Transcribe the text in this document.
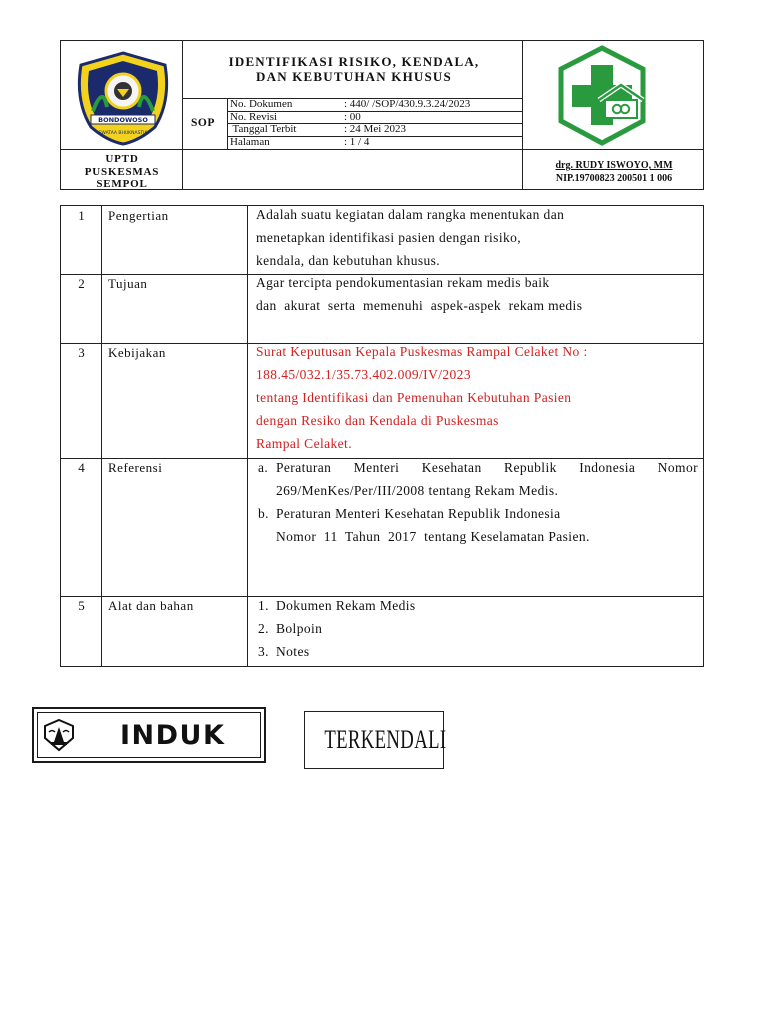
BONDOWOSO
SWATAA BHUKNASTIK
IDENTIFIKASI RISIKO, KENDALA,
DAN KEBUTUHAN KHUSUS
SOP
No. Dokumen	: 440/ /SOP/430.9.3.24/2023
No. Revisi	: 00
Tanggal Terbit	: 24 Mei 2023
Halaman	: 1 / 4
UPTD
PUSKESMAS
SEMPOL
drg. RUDY ISWOYO, MM
NIP.19700823 200501 1 006
1	Pengertian	Adalah suatu kegiatan dalam rangka menentukan dan
menetapkan identifikasi pasien dengan risiko,
kendala, dan kebutuhan khusus.
2	Tujuan	Agar tercipta pendokumentasian rekam medis baik
dan  akurat  serta  memenuhi  aspek-aspek  rekam medis
3	Kebijakan	Surat Keputusan Kepala Puskesmas Rampal Celaket No :
188.45/032.1/35.73.402.009/IV/2023
tentang Identifikasi dan Pemenuhan Kebutuhan Pasien
dengan Resiko dan Kendala di Puskesmas
Rampal Celaket.
4	Referensi	a. Peraturan Menteri Kesehatan Republik Indonesia Nomor
269/MenKes/Per/III/2008 tentang Rekam Medis.
b. Peraturan Menteri Kesehatan Republik Indonesia
Nomor  11  Tahun  2017  tentang Keselamatan Pasien.
5	Alat dan bahan	1. Dokumen Rekam Medis
2. Bolpoin
3. Notes
INDUK	TERKENDALI
